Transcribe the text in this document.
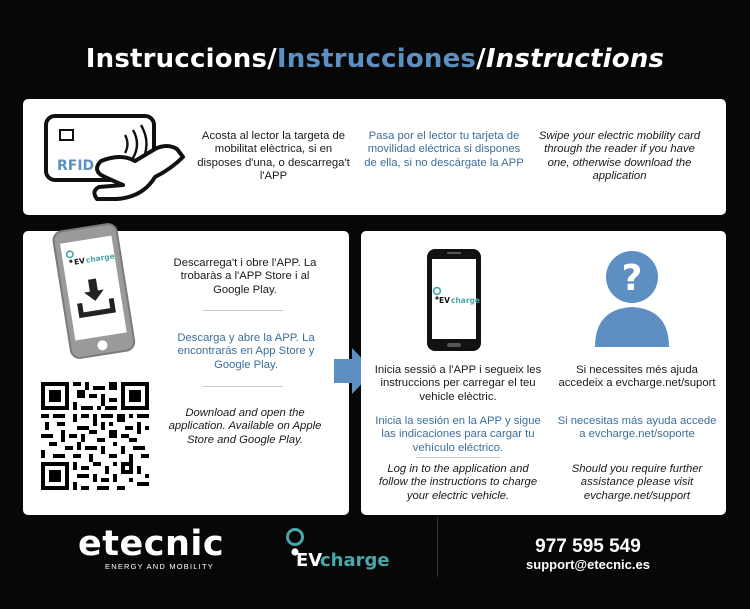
Instruccions/Instrucciones/Instructions
RFID
Acosta al lector la targeta de mobilitat elèctrica, si en disposes d'una, o descarrega't l'APP
Pasa por el lector tu tarjeta de movilidad eléctrica si dispones de ella, si no descárgate la APP
Swipe your electric mobility card through the reader if you have one, otherwise download the application
EV charge	Descarrega't i obre l'APP. La trobaràs a l'APP Store i al Google Play.
Descarga y abre la APP. La encontrarás en App Store y Google Play.
Download and open the application. Available on Apple Store and Google Play.
EV charge
?
Inicia sessió a l'APP i segueix les instruccions per carregar el teu vehicle elèctric.
Inicia la sesión en la APP y sigue las indicaciones para cargar tu vehículo eléctrico.
Log in to the application and follow the instructions to charge your electric vehicle.
Si necessites més ajuda accedeix a evcharge.net/suport
Si necesitas más ayuda accede a evcharge.net/soporte
Should you require further assistance please visit evcharge.net/support
etecnic
ENERGY AND MOBILITY	EV
charge
977 595 549
support@etecnic.es
